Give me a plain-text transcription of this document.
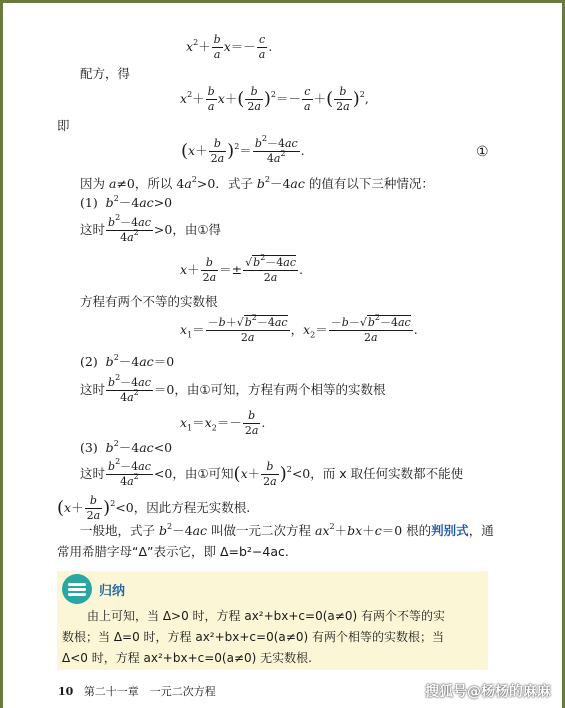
$x^2+ \frac{b}{a} x=- \frac{c}{a}$ .
配方，得
$x^2+ \frac{b}{a} x+( \frac{b}{2a} )^2=- \frac{c}{a}$ ＋( $\frac{b}{2a} )^2$,
即
$(x+ \frac{b}{2a} )^2= \frac{b^2-4ac}{4a^2}$ .	①
因为 a≠0，所以 $4a^2>0$．式子 $b^2-4ac$ 的值有以下三种情况：
(1) $b^2-4ac>0$
这时 $\frac{b^2-4ac}{4a^2} >0$，由①得
$x+ \frac{b}{2a} =\pm \frac{√b^2-4ac}{2a}$ .
方程有两个不等的实数根
$x_1= \frac{-b+√b^2-4ac}{2a}$ ，$x_2= \frac{-b-√b^2-4ac}{2a}$ .
(2) $b^2-4ac=0$
这时 $\frac{b^2-4ac}{4a^2} =0$，由①可知，方程有两个相等的实数根
$x_1=x_2=- \frac{b}{2a}$ .
(3) $b^2-4ac<0$
这时 $\frac{b^2-4ac}{4a^2} <0$，由①可知$(x+ \frac{b}{2a} )^2<0$，而 x 取任何实数都不能使
$(x+ \frac{b}{2a} )^2<0$，因此方程无实数根.
一般地，式子 $b^2-4ac$ 叫做一元二次方程 $ax^2+bx+c=0$ 根的判别式，通
常用希腊字母“Δ”表示它，即 Δ=b²−4ac.
归纳
由上可知，当 Δ>0 时，方程 ax²+bx+c=0(a≠0) 有两个不等的实
数根；当 Δ=0 时，方程 ax²+bx+c=0(a≠0) 有两个相等的实数根；当
Δ<0 时，方程 ax²+bx+c=0(a≠0) 无实数根.
10 第二十一章　一元二次方程	搜狐号@杨杨的麻麻
